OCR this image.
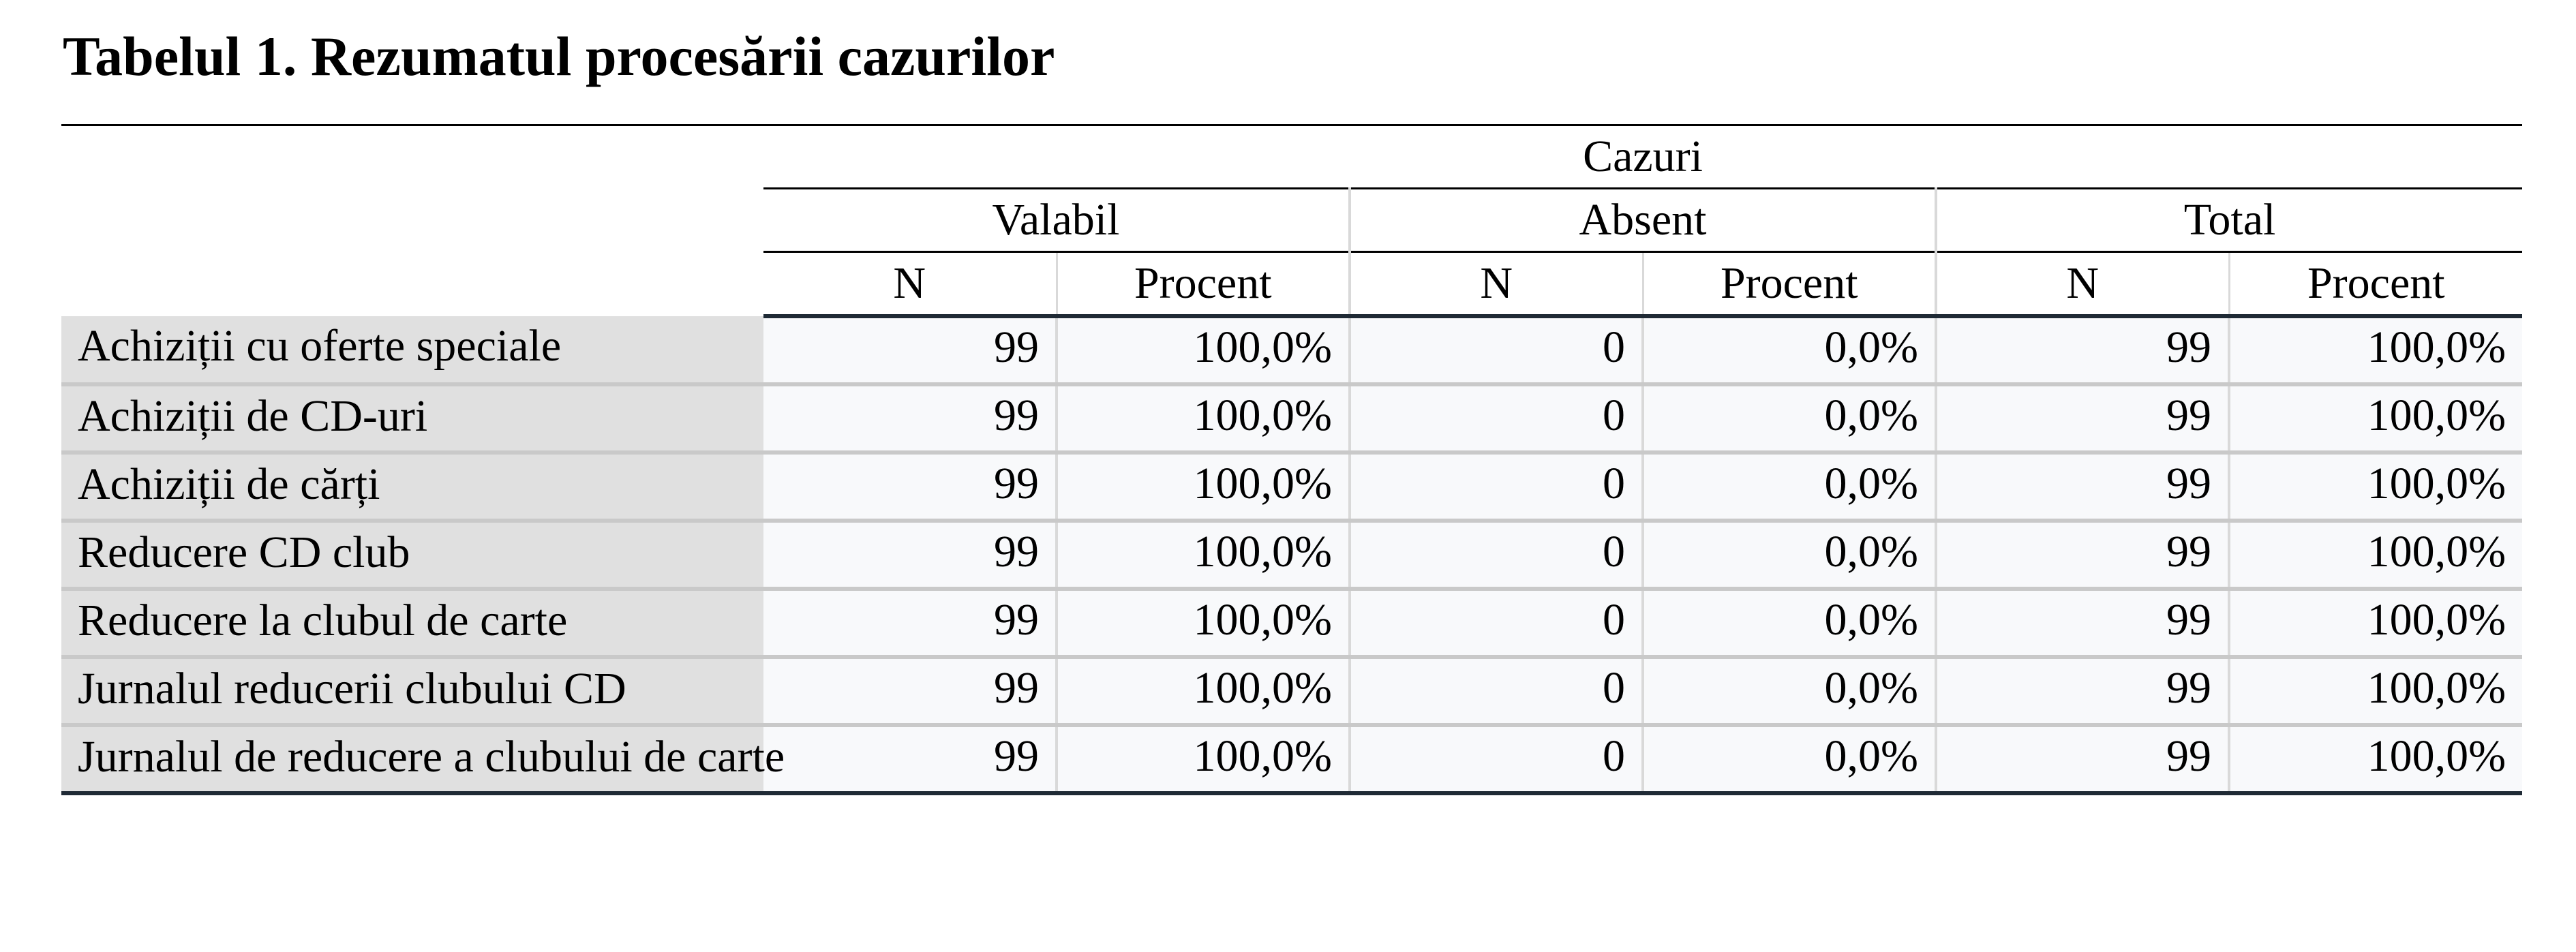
Tabelul 1. Rezumatul procesării cazurilor
	Cazuri					
	Valabil		Absent		Total	
	N	Procent	N	Procent	N	Procent
Achiziții cu oferte speciale	99	100,0%	0	0,0%	99	100,0%
Achiziții de CD-uri	99	100,0%	0	0,0%	99	100,0%
Achiziții de cărți	99	100,0%	0	0,0%	99	100,0%
Reducere CD club	99	100,0%	0	0,0%	99	100,0%
Reducere la clubul de carte	99	100,0%	0	0,0%	99	100,0%
Jurnalul reducerii clubului CD	99	100,0%	0	0,0%	99	100,0%
Jurnalul de reducere a clubului de carte	99	100,0%	0	0,0%	99	100,0%
